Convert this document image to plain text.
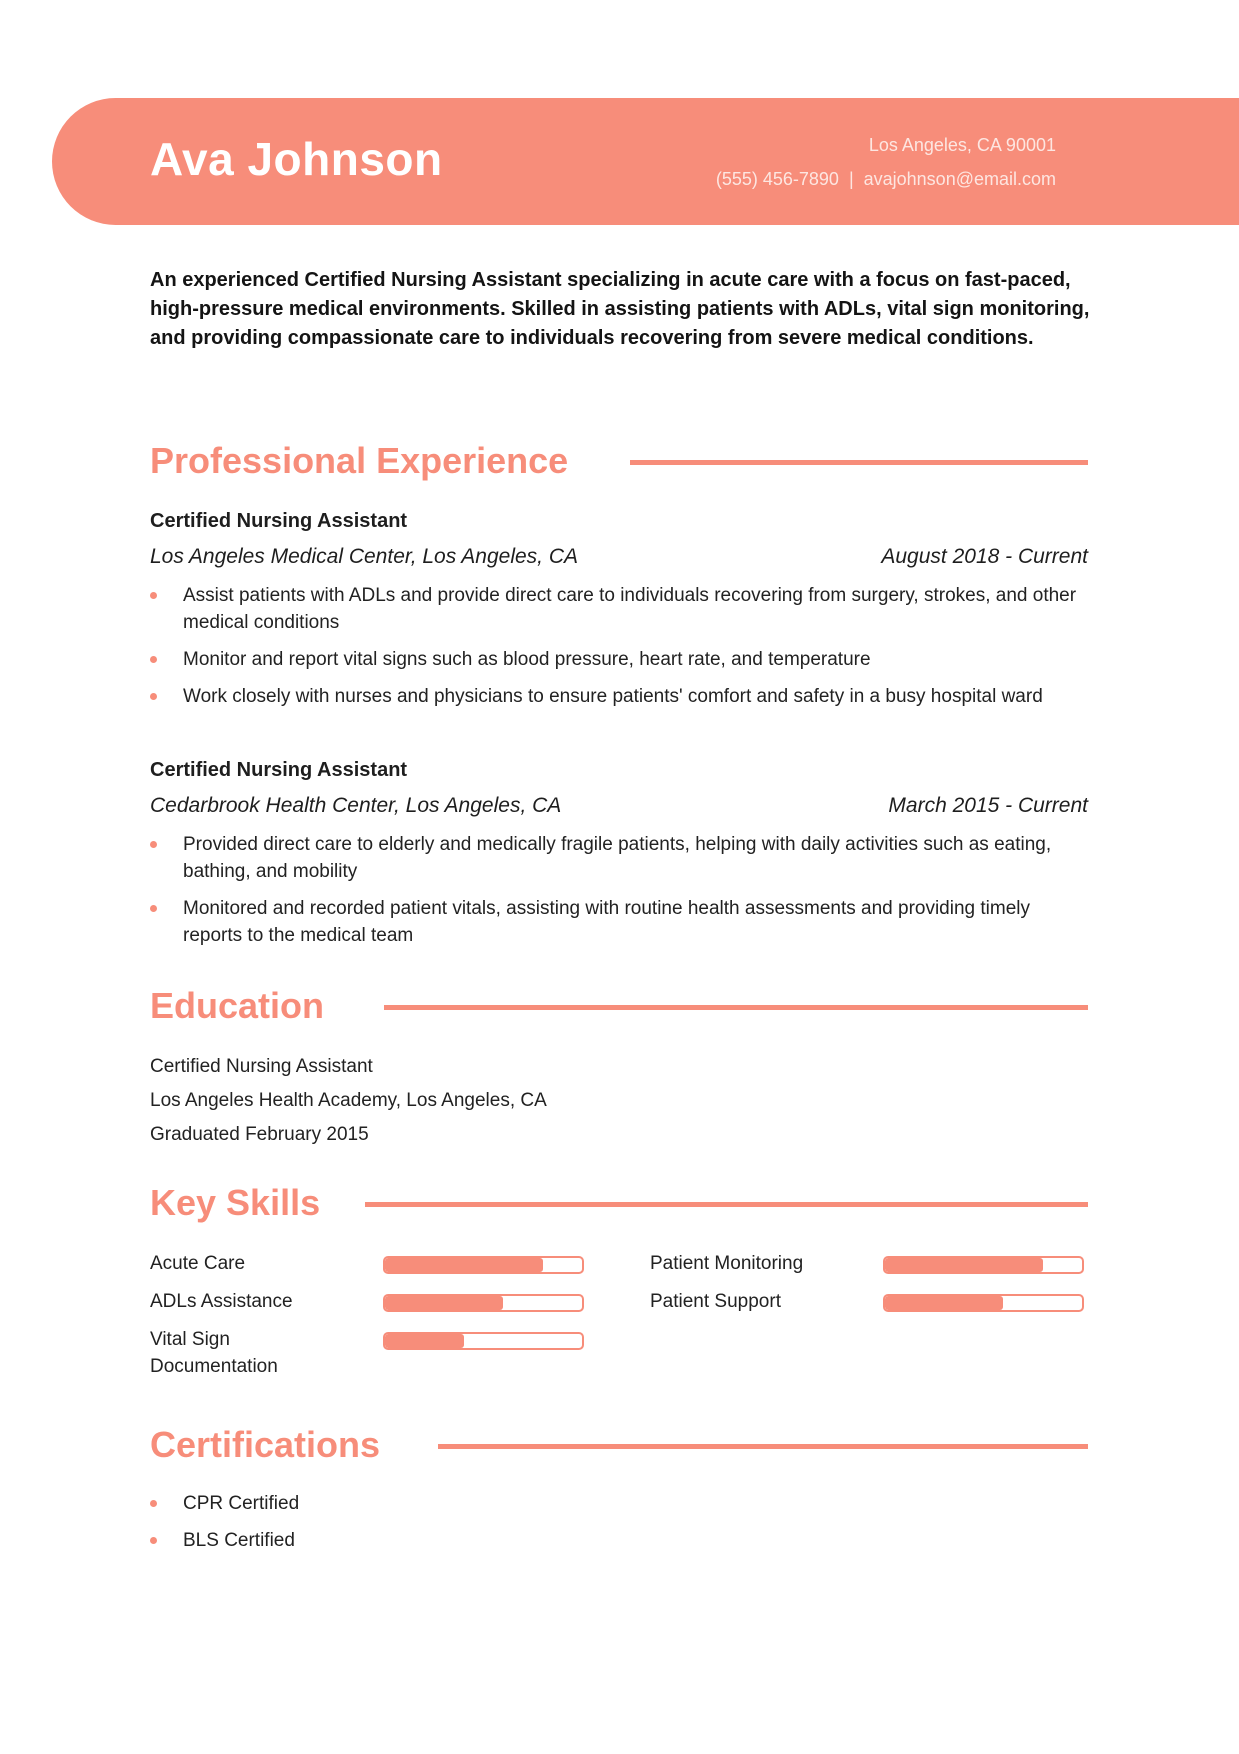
Ava Johnson	Los Angeles, CA 90001
(555) 456-7890 | avajohnson@email.com

An experienced Certified Nursing Assistant specializing in acute care with a focus on fast-paced, high-pressure medical environments. Skilled in assisting patients with ADLs, vital sign monitoring, and providing compassionate care to individuals recovering from severe medical conditions.

Professional Experience
Certified Nursing Assistant
Los Angeles Medical Center, Los Angeles, CA	August 2018 - Current
Assist patients with ADLs and provide direct care to individuals recovering from surgery, strokes, and other medical conditions
Monitor and report vital signs such as blood pressure, heart rate, and temperature
Work closely with nurses and physicians to ensure patients' comfort and safety in a busy hospital ward
Certified Nursing Assistant
Cedarbrook Health Center, Los Angeles, CA	March 2015 - Current
Provided direct care to elderly and medically fragile patients, helping with daily activities such as eating, bathing, and mobility
Monitored and recorded patient vitals, assisting with routine health assessments and providing timely reports to the medical team
Education
Certified Nursing Assistant
Los Angeles Health Academy, Los Angeles, CA
Graduated February 2015
Key Skills
Acute Care
ADLs Assistance
Vital Sign Documentation
Patient Monitoring
Patient Support
Certifications
CPR Certified
BLS Certified
